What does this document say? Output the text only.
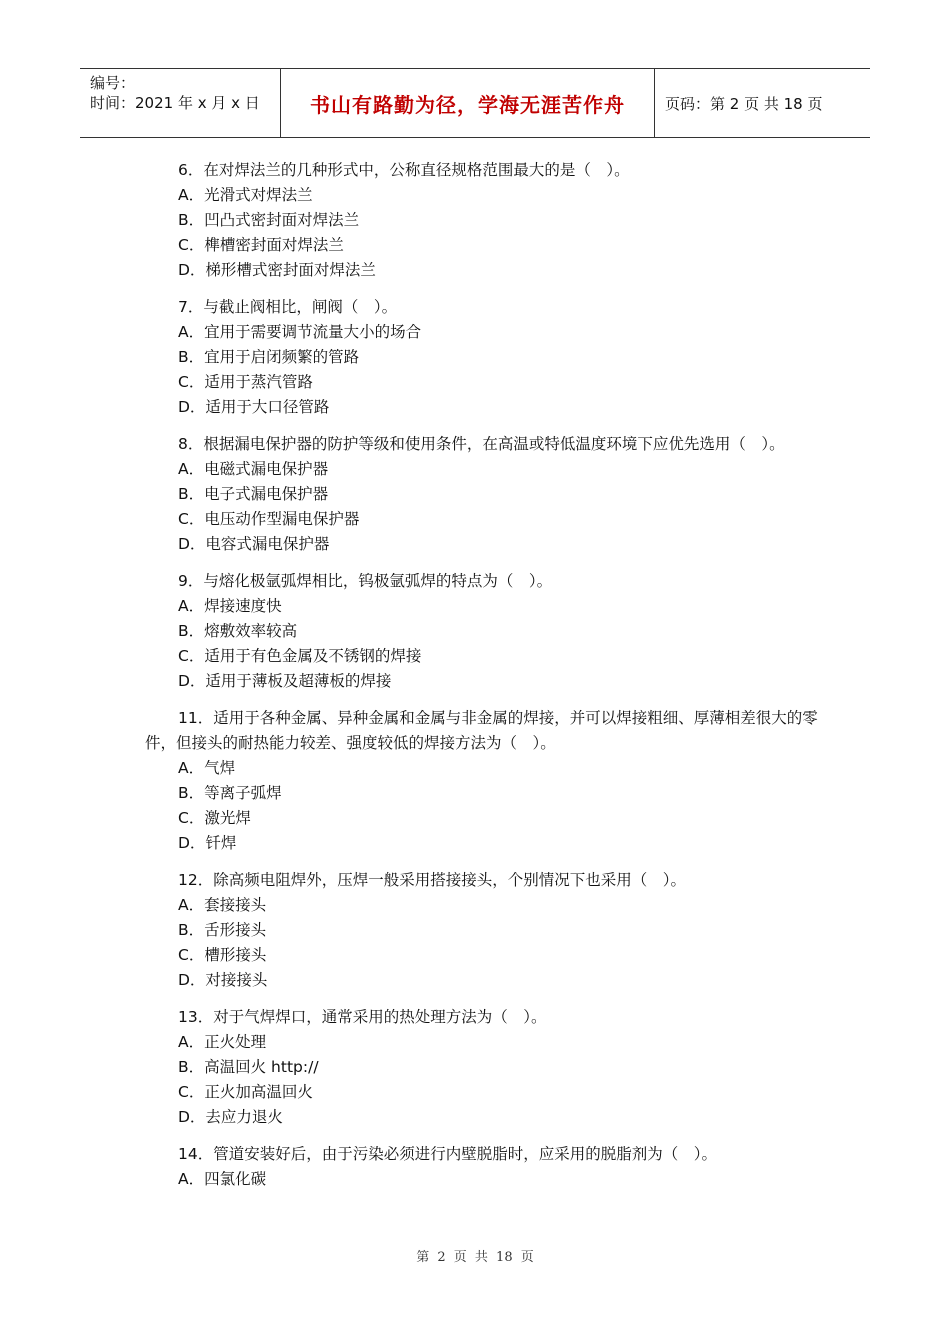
编号：
时间：2021 年 x 月 x 日	书山有路勤为径，学海无涯苦作舟	页码：第 2 页 共 18 页
6．在对焊法兰的几种形式中，公称直径规格范围最大的是（　）。
A．光滑式对焊法兰
B．凹凸式密封面对焊法兰
C．榫槽密封面对焊法兰
D．梯形槽式密封面对焊法兰
7．与截止阀相比，闸阀（　）。
A．宜用于需要调节流量大小的场合
B．宜用于启闭频繁的管路
C．适用于蒸汽管路
D．适用于大口径管路
8．根据漏电保护器的防护等级和使用条件，在高温或特低温度环境下应优先选用（　）。
A．电磁式漏电保护器
B．电子式漏电保护器
C．电压动作型漏电保护器
D．电容式漏电保护器
9．与熔化极氩弧焊相比，钨极氩弧焊的特点为（　）。
A．焊接速度快
B．熔敷效率较高
C．适用于有色金属及不锈钢的焊接
D．适用于薄板及超薄板的焊接
11．适用于各种金属、异种金属和金属与非金属的焊接，并可以焊接粗细、厚薄相差很大的零件，但接头的耐热能力较差、强度较低的焊接方法为（　）。
A．气焊
B．等离子弧焊
C．激光焊
D．钎焊
12．除高频电阻焊外，压焊一般采用搭接接头，个别情况下也采用（　）。
A．套接接头
B．舌形接头
C．槽形接头
D．对接接头
13．对于气焊焊口，通常采用的热处理方法为（　）。
A．正火处理
B．高温回火 http://
C．正火加高温回火
D．去应力退火
14．管道安装好后，由于污染必须进行内壁脱脂时，应采用的脱脂剂为（　）。
A．四氯化碳
第 2 页 共 18 页
